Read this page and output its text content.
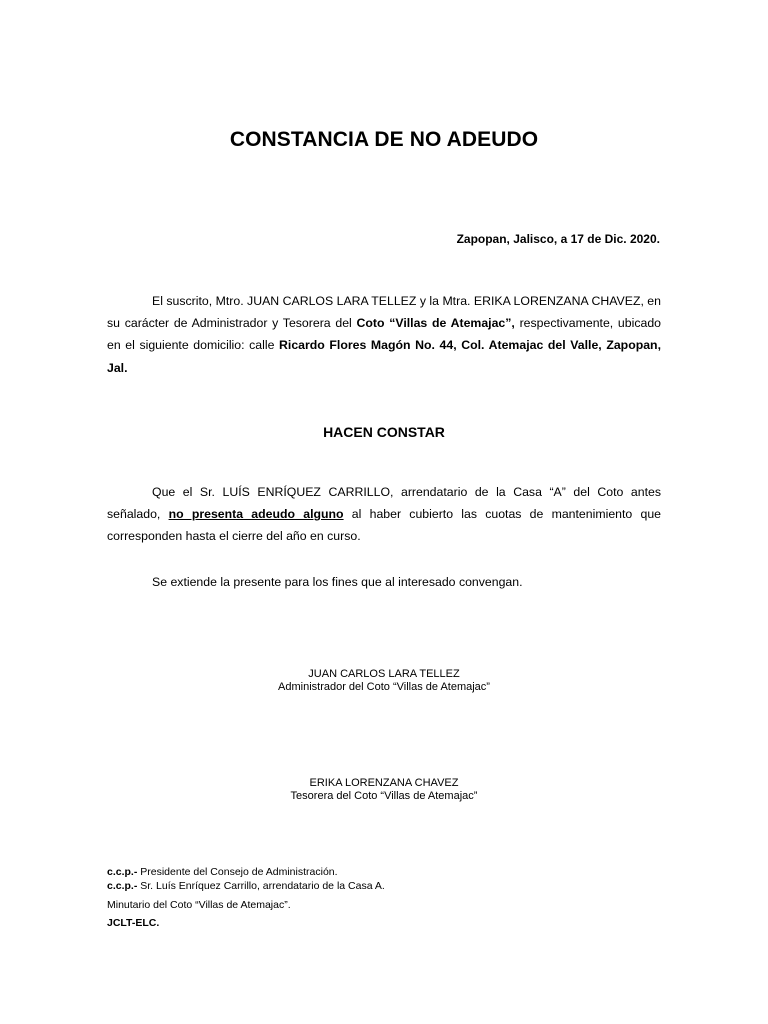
CONSTANCIA DE NO ADEUDO
Zapopan, Jalisco, a 17 de Dic. 2020.
El suscrito, Mtro. JUAN CARLOS LARA TELLEZ y la Mtra. ERIKA LORENZANA CHAVEZ, en su carácter de Administrador y Tesorera del Coto “Villas de Atemajac”, respectivamente, ubicado en el siguiente domicilio: calle Ricardo Flores Magón No. 44, Col. Atemajac del Valle, Zapopan, Jal.
HACEN CONSTAR
Que el Sr. LUÍS ENRÍQUEZ CARRILLO, arrendatario de la Casa “A” del Coto antes señalado, no presenta adeudo alguno al haber cubierto las cuotas de mantenimiento que corresponden hasta el cierre del año en curso.
Se extiende la presente para los fines que al interesado convengan.
JUAN CARLOS LARA TELLEZ
Administrador del Coto “Villas de Atemajac”
ERIKA LORENZANA CHAVEZ
Tesorera del Coto “Villas de Atemajac”
c.c.p.- Presidente del Consejo de Administración.
c.c.p.- Sr. Luís Enríquez Carrillo, arrendatario de la Casa A.
Minutario del Coto “Villas de Atemajac”.
JCLT-ELC.
